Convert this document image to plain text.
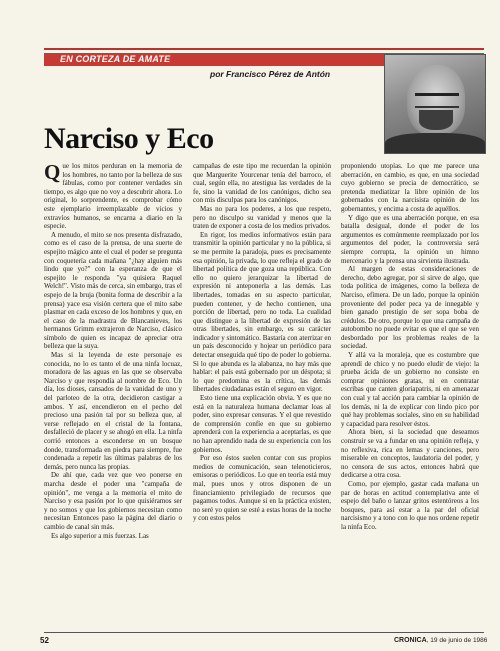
EN CORTEZA DE AMATE
por Francisco Pérez de Antón
Narciso y Eco

Que los mitos perduran en la memoria de los hombres, no tanto por la belleza de sus fábulas, como por contener verdades sin tiempo, es algo que no voy a descubrir ahora. Lo original, lo sorprendente, es comprobar cómo este ejemplario irreemplazable de vicios y extravíos humanos, se encarna a diario en la especie.

A menudo, el mito se nos presenta disfrazado, como es el caso de la prensa, de una suerte de espejito mágico ante el cual el poder se pregunta con coquetería cada mañana "¿hay alguien más lindo que yo?" con la esperanza de que el espejito le responda "ya quisiera Raquel Welch!". Visto más de cerca, sin embargo, tras el espejo de la bruja (bonita forma de describir a la prensa) yace esa visión certera que el mito sabe plasmar en cada exceso de los hombres y que, en el caso de la madrastra de Blancanieves, los hermanos Grimm extrajeron de Narciso, clásico símbolo de quien es incapaz de apreciar otra belleza que la suya.

Mas si la leyenda de este personaje es conocida, no lo es tanto el de una ninfa locuaz, moradora de las aguas en las que se observaba Narciso y que respondía al nombre de Eco. Un día, los dioses, cansados de la vanidad de uno y del parloteo de la otra, decidieron castigar a ambos. Y así, encendieron en el pecho del precioso una pasión tal por su belleza que, al verse reflejado en el cristal de la fontana, desfalleció de placer y se ahogó en ella. La ninfa corrió entonces a esconderse en un bosque donde, transformada en piedra para siempre, fue condenada a repetir las últimas palabras de los demás, pero nunca las propias.

De ahí que, cada vez que veo ponerse en marcha desde el poder una "campaña de opinión", me venga a la memoria el mito de Narciso y esa pasión por lo que quisiéramos ser y no somos y que los gobiernos necesitan como necesitan Entonces paso la página del diario o cambio de canal sin más.

Es algo superior a mis fuerzas. Las

campañas de este tipo me recuerdan la opinión que Marguerite Yourcenar tenía del barroco, el cual, según ella, no atestigua las verdades de la fe, sino la vanidad de los canónigos, dicho sea con mis disculpas para los canónigos.

Mas no para los poderes, a los que respeto, pero no disculpo su vanidad y menos que la traten de exponer a costa de los medios privados.

En rigor, los medios informativos están para transmitir la opinión particular y no la pública, si se me permite la paradoja, pues es precisamente esa opinión, la privada, lo que refleja el grado de libertad política de que goza una república. Con ello no quiero jerarquizar la libertad de expresión ni anteponerla a las demás. Las libertades, tomadas en su aspecto particular, pueden contener, y de hecho contienen, una porción de libertad, pero no toda. La cualidad que distingue a la libertad de expresión de las otras libertades, sin embargo, es su carácter indicador y sintomático. Bastaría con aterrizar en un país desconocido y hojear un periódico para detectar enseguida qué tipo de poder lo gobierna. Si lo que abunda es la alabanza, no hay más que hablar: el país está gobernado por un déspota; si lo que predomina es la crítica, las demás libertades ciudadanas están el seguro en vigor.

Esto tiene una explicación obvia. Y es que no está en la naturaleza humana declamar loas al poder, sino expresar censuras. Y el que revestido de comprensión confíe en que su gobierno aprenderá con la experiencia a aceptarlas, es que no han aprendido nada de su experiencia con los gobiernos.

Por eso éstos suelen contar con sus propios medios de comunicación, sean telenoticieros, emisoras o periódicos. Lo que en teoría está muy mal, pues unos y otros disponen de un financiamiento privilegiado de recursos que pagamos todos. Aunque si en la práctica existen, no seré yo quien se esté a estas horas de la noche y con estos pelos

proponiendo utopías. Lo que me parece una aberración, en cambio, es que, en una sociedad cuyo gobierno se precia de democrático, se pretenda mediatizar la libre opinión de los gobernados con la narcisista opinión de los gobernantes, y encima a costa de aquéllos.

Y digo que es una aberración porque, en esa batalla desigual, donde el poder de los argumentos es comúnmente reemplazado por los argumentos del poder, la controversia será siempre corrupta, la opinión un himno mercenario y la prensa una sirvienta ilustrada.

Al margen de estas consideraciones de derecho, debo agregar, por si sirve de algo, que toda política de imágenes, como la belleza de Narciso, efímera. De un lado, porque la opinión proveniente del poder peca ya de innegable y bien ganado prestigio de ser sopa boba de crédulos. De otro, porque lo que una campaña de autobombo no puede evitar es que el que se ven desbordado por los problemas reales de la sociedad.

Y allá va la moraleja, que es costumbre que aprendí de chico y no puedo eludir de viejo: la prueba ácida de un gobierno no consiste en comprar opiniones gratas, ni en contratar escribas que canten gloriapatris, ni en amenazar con cual y tal acción para cambiar la opinión de los demás, ni la de explicar con lindo pico por qué hay problemas sociales, sino en su habilidad y capacidad para resolver éstos.

Ahora bien, si la sociedad que deseamos construir se va a fundar en una opinión refleja, y no reflexiva, rica en lemas y canciones, pero miserable en conceptos, laudatoria del poder, y no censora de sus actos, entonces habrá que dedicarse a otra cosa.

Como, por ejemplo, gastar cada mañana un par de horas en actitud contemplativa ante el espejo del baño o lanzar gritos estentóreos a los bosques, para así estar a la par del oficial narcisismo y a tono con lo que nos ordene repetir la ninfa Eco.

52	CRONICA, 19 de junio de 1986
